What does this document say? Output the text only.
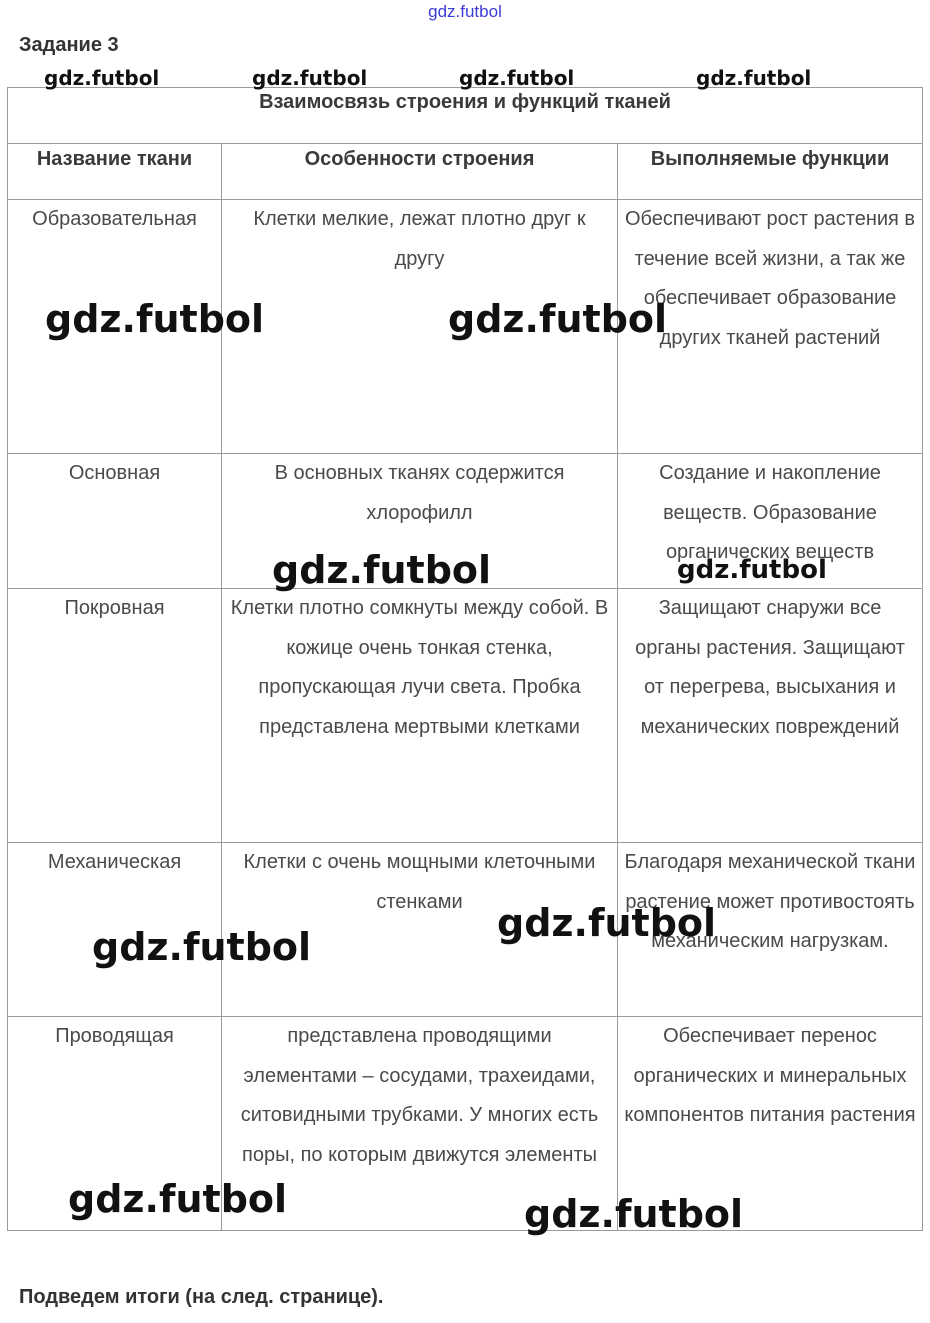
gdz.futbol
Задание 3
Взаимосвязь строения и функций тканей		
Название ткани	Особенности строения	Выполняемые функции
Образовательная	Клетки мелкие, лежат плотно друг к другу	Обеспечивают рост растения в течение всей жизни, а так же обеспечивает образование других тканей растений
Основная	В основных тканях содержится хлорофилл	Создание и накопление веществ. Образование органических веществ
Покровная	Клетки плотно сомкнуты между собой. В кожице очень тонкая стенка, пропускающая лучи света. Пробка представлена мертвыми клетками	Защищают снаружи все органы растения. Защищают от перегрева, высыхания и механических повреждений
Механическая	Клетки с очень мощными клеточными стенками	Благодаря механической ткани растение может противостоять механическим нагрузкам.
Проводящая	представлена проводящими элементами – сосудами, трахеидами, ситовидными трубками. У многих есть поры, по которым движутся элементы	Обеспечивает перенос органических и минеральных компонентов питания растения
gdz.futbol	gdz.futbol	gdz.futbol	gdz.futbol
gdz.futbol	gdz.futbol
gdz.futbol	gdz.futbol
gdz.futbol
gdz.futbol
gdz.futbol	gdz.futbol
Подведем итоги (на след. странице).
